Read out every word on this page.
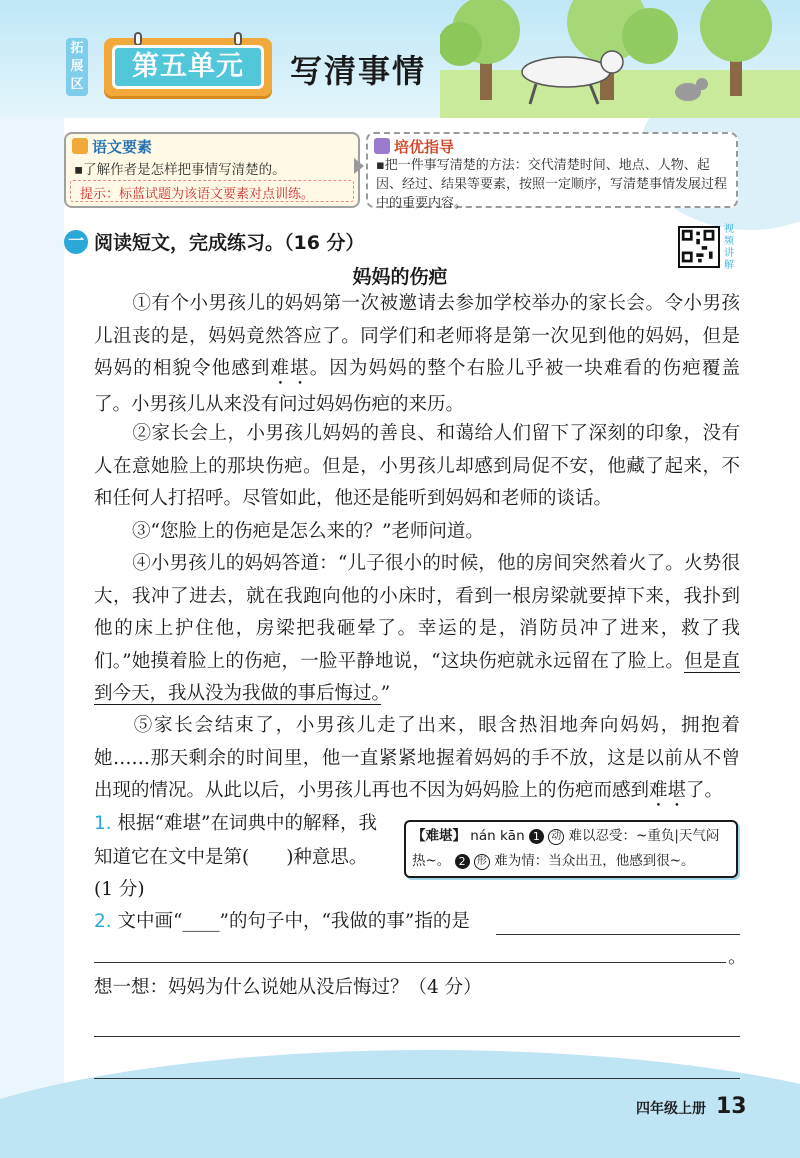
拓展区
第五单元	写清事情
语文要素
▪了解作者是怎样把事情写清楚的。
提示：标蓝试题为该语文要素对点训练。
培优指导
▪把一件事写清楚的方法：交代清楚时间、地点、人物、起因、经过、结果等要素，按照一定顺序，写清楚事情发展过程中的重要内容。
一 阅读短文，完成练习。（16 分）
视频讲解
妈妈的伤疤
①有个小男孩儿的妈妈第一次被邀请去参加学校举办的家长会。令小男孩儿沮丧的是，妈妈竟然答应了。同学们和老师将是第一次见到他的妈妈，但是妈妈的相貌令他感到难堪。因为妈妈的整个右脸儿乎被一块难看的伤疤覆盖了。小男孩儿从来没有问过妈妈伤疤的来历。
②家长会上，小男孩儿妈妈的善良、和蔼给人们留下了深刻的印象，没有人在意她脸上的那块伤疤。但是，小男孩儿却感到局促不安，他藏了起来，不和任何人打招呼。尽管如此，他还是能听到妈妈和老师的谈话。
③“您脸上的伤疤是怎么来的？”老师问道。
④小男孩儿的妈妈答道：“儿子很小的时候，他的房间突然着火了。火势很大，我冲了进去，就在我跑向他的小床时，看到一根房梁就要掉下来，我扑到他的床上护住他，房梁把我砸晕了。幸运的是，消防员冲了进来，救了我们。”她摸着脸上的伤疤，一脸平静地说，“这块伤疤就永远留在了脸上。但是直到今天，我从没为我做的事后悔过。”
⑤家长会结束了，小男孩儿走了出来，眼含热泪地奔向妈妈，拥抱着她……那天剩余的时间里，他一直紧紧地握着妈妈的手不放，这是以前从不曾出现的情况。从此以后，小男孩儿再也不因为妈妈脸上的伤疤而感到难堪了。
1. 根据“难堪”在词典中的解释，我
知道它在文中是第(　　)种意思。
(1 分)
【难堪】 nán kān 1 动 难以忍受：~重负|天气闷热~。 2 形 难为情：当众出丑，他感到很~。
2. 文中画“____”的句子中，“我做的事”指的是
。
想一想：妈妈为什么说她从没后悔过？（4 分）
四年级上册 13
